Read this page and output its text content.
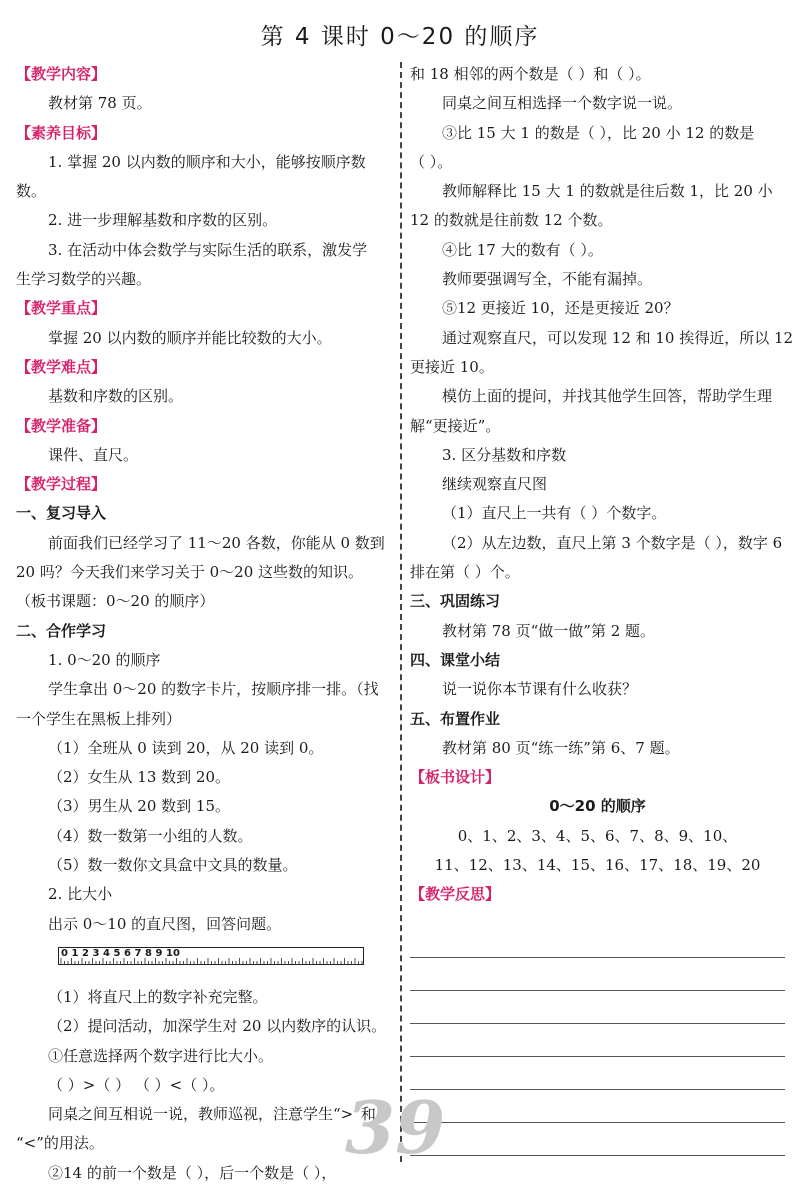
第 4 课时 0～20 的顺序
【教学内容】
教材第 78 页。
【素养目标】
1. 掌握 20 以内数的顺序和大小，能够按顺序数
数。
2. 进一步理解基数和序数的区别。
3. 在活动中体会数学与实际生活的联系，激发学
生学习数学的兴趣。
【教学重点】
掌握 20 以内数的顺序并能比较数的大小。
【教学难点】
基数和序数的区别。
【教学准备】
课件、直尺。
【教学过程】
一、复习导入
前面我们已经学习了 11～20 各数，你能从 0 数到
20 吗？今天我们来学习关于 0～20 这些数的知识。
（板书课题：0～20 的顺序）
二、合作学习
1. 0～20 的顺序
学生拿出 0～20 的数字卡片，按顺序排一排。（找
一个学生在黑板上排列）
（1）全班从 0 读到 20，从 20 读到 0。
（2）女生从 13 数到 20。
（3）男生从 20 数到 15。
（4）数一数第一小组的人数。
（5）数一数你文具盒中文具的数量。
2. 比大小
出示 0～10 的直尺图，回答问题。
0 1 2 3 4 5 6 7 8 9 10
（1）将直尺上的数字补充完整。
（2）提问活动，加深学生对 20 以内数序的认识。
①任意选择两个数字进行比大小。
（ ）>（ ） （ ）<（ ）。
同桌之间互相说一说，教师巡视，注意学生“>”和
“<”的用法。
②14 的前一个数是（ ），后一个数是（ ），
和 18 相邻的两个数是（ ）和（ ）。
同桌之间互相选择一个数字说一说。
③比 15 大 1 的数是（ ），比 20 小 12 的数是
（ ）。
教师解释比 15 大 1 的数就是往后数 1，比 20 小
12 的数就是往前数 12 个数。
④比 17 大的数有（ ）。
教师要强调写全，不能有漏掉。
⑤12 更接近 10，还是更接近 20？
通过观察直尺，可以发现 12 和 10 挨得近，所以 12
更接近 10。
模仿上面的提问，并找其他学生回答，帮助学生理
解“更接近”。
3. 区分基数和序数
继续观察直尺图
（1）直尺上一共有（ ）个数字。
（2）从左边数，直尺上第 3 个数字是（ ），数字 6
排在第（ ）个。
三、巩固练习
教材第 78 页“做一做”第 2 题。
四、课堂小结
说一说你本节课有什么收获？
五、布置作业
教材第 80 页“练一练”第 6、7 题。
【板书设计】
0～20 的顺序
0、1、2、3、4、5、6、7、8、9、10、
11、12、13、14、15、16、17、18、19、20
【教学反思】
39
